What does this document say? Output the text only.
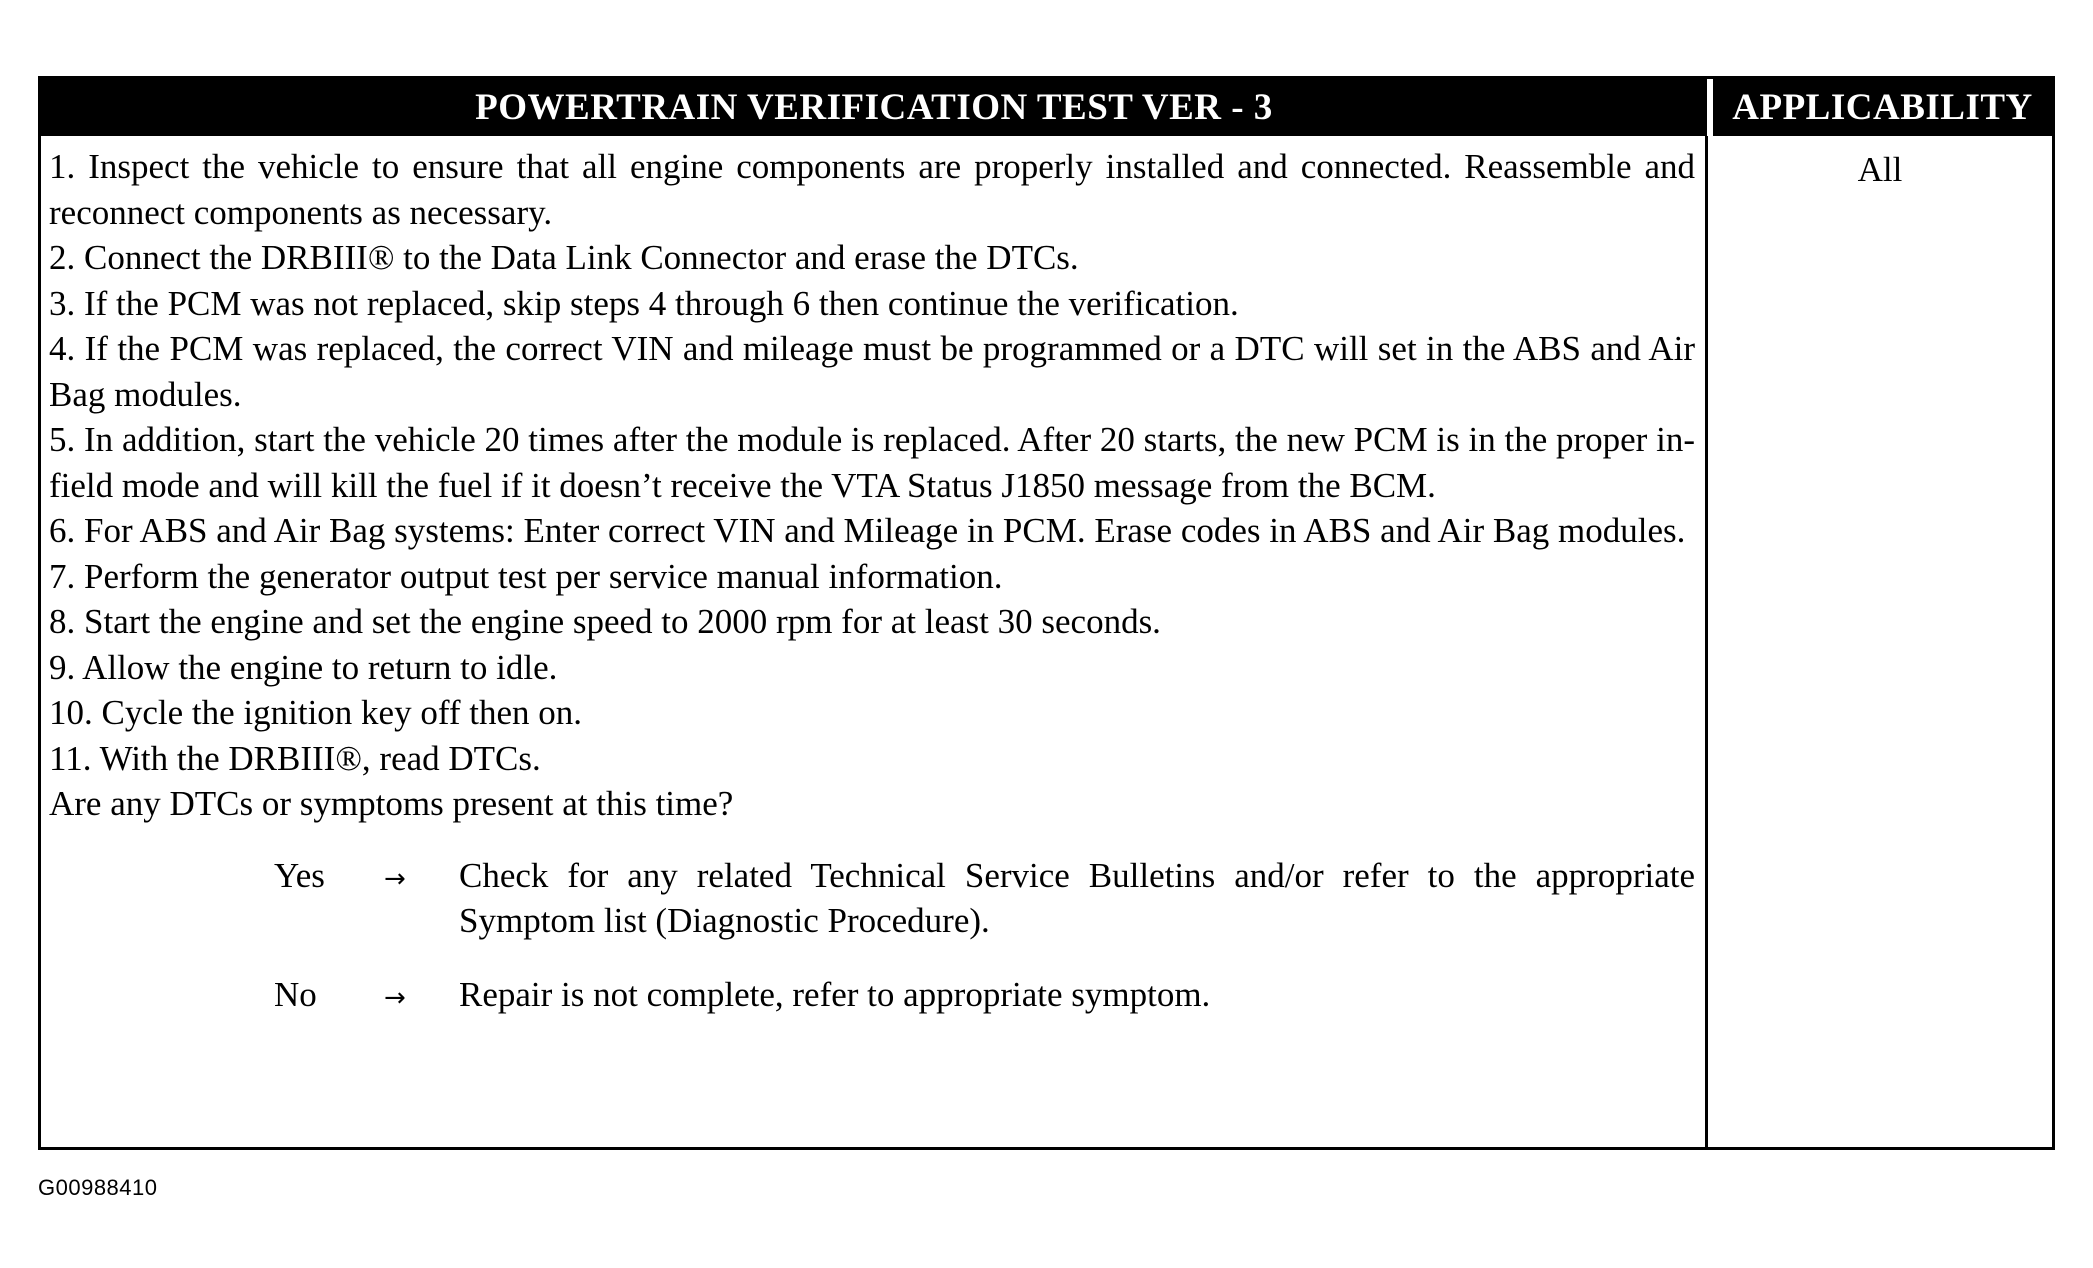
POWERTRAIN VERIFICATION TEST VER - 3	APPLICABILITY
1. Inspect the vehicle to ensure that all engine components are properly installed and connected. Reassemble and reconnect components as necessary.
2. Connect the DRBIII® to the Data Link Connector and erase the DTCs.
3. If the PCM was not replaced, skip steps 4 through 6 then continue the verification.
4. If the PCM was replaced, the correct VIN and mileage must be programmed or a DTC will set in the ABS and Air Bag modules.
5. In addition, start the vehicle 20 times after the module is replaced. After 20 starts, the new PCM is in the proper in-field mode and will kill the fuel if it doesn’t receive the VTA Status J1850 message from the BCM.
6. For ABS and Air Bag systems: Enter correct VIN and Mileage in PCM. Erase codes in ABS and Air Bag modules.
7. Perform the generator output test per service manual information.
8. Start the engine and set the engine speed to 2000 rpm for at least 30 seconds.
9. Allow the engine to return to idle.
10. Cycle the ignition key off then on.
11. With the DRBIII®, read DTCs.
Are any DTCs or symptoms present at this time?
Yes	→	Check for any related Technical Service Bulletins and/or refer to the appropriate Symptom list (Diagnostic Procedure).
No	→	Repair is not complete, refer to appropriate symptom.
All
G00988410
